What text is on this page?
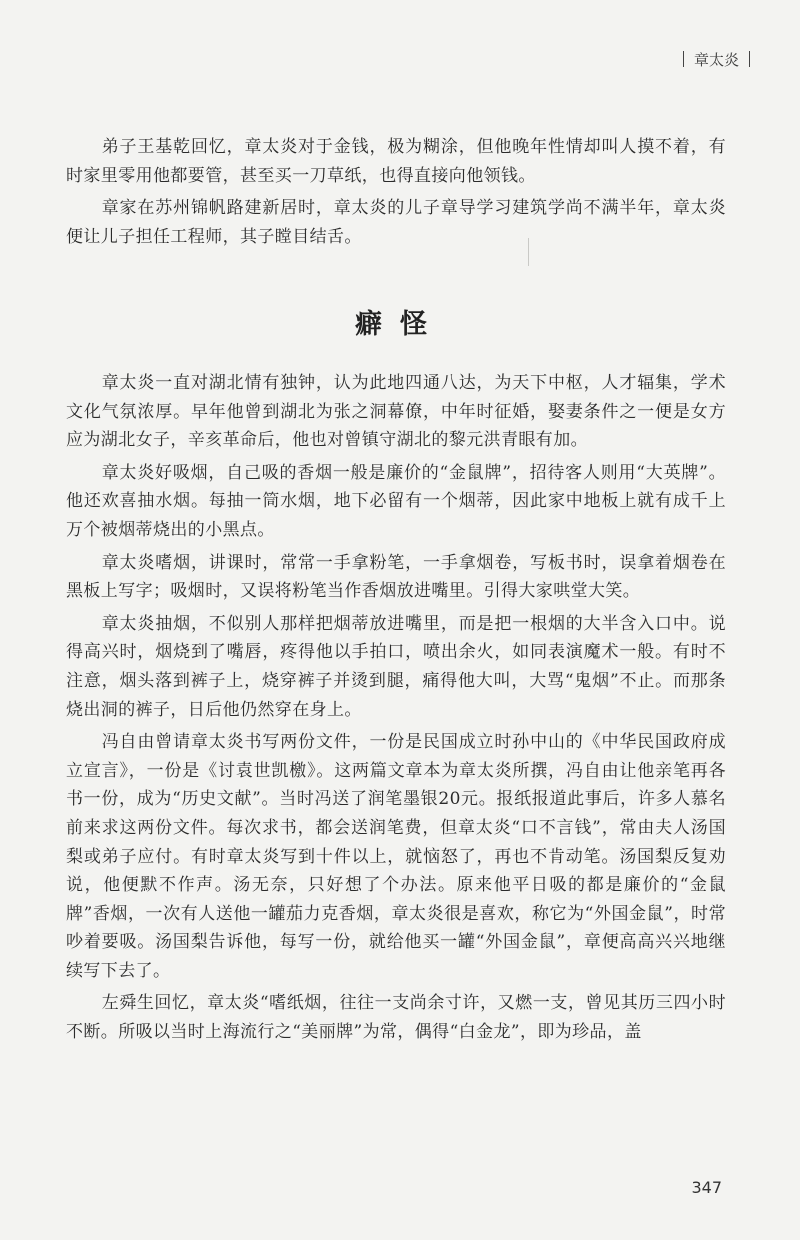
章太炎

弟子王基乾回忆，章太炎对于金钱，极为糊涂，但他晚年性情却叫人摸不着，有时家里零用他都要管，甚至买一刀草纸，也得直接向他领钱。

章家在苏州锦帆路建新居时，章太炎的儿子章导学习建筑学尚不满半年，章太炎便让儿子担任工程师，其子瞠目结舌。

癖怪

章太炎一直对湖北情有独钟，认为此地四通八达，为天下中枢，人才辐集，学术文化气氛浓厚。早年他曾到湖北为张之洞幕僚，中年时征婚，娶妻条件之一便是女方应为湖北女子，辛亥革命后，他也对曾镇守湖北的黎元洪青眼有加。

章太炎好吸烟，自己吸的香烟一般是廉价的“金鼠牌”，招待客人则用“大英牌”。他还欢喜抽水烟。每抽一筒水烟，地下必留有一个烟蒂，因此家中地板上就有成千上万个被烟蒂烧出的小黑点。

章太炎嗜烟，讲课时，常常一手拿粉笔，一手拿烟卷，写板书时，误拿着烟卷在黑板上写字；吸烟时，又误将粉笔当作香烟放进嘴里。引得大家哄堂大笑。

章太炎抽烟，不似别人那样把烟蒂放进嘴里，而是把一根烟的大半含入口中。说得高兴时，烟烧到了嘴唇，疼得他以手拍口，喷出余火，如同表演魔术一般。有时不注意，烟头落到裤子上，烧穿裤子并烫到腿，痛得他大叫，大骂“鬼烟”不止。而那条烧出洞的裤子，日后他仍然穿在身上。

冯自由曾请章太炎书写两份文件，一份是民国成立时孙中山的《中华民国政府成立宣言》，一份是《讨袁世凯檄》。这两篇文章本为章太炎所撰，冯自由让他亲笔再各书一份，成为“历史文献”。当时冯送了润笔墨银20元。报纸报道此事后，许多人慕名前来求这两份文件。每次求书，都会送润笔费，但章太炎“口不言钱”，常由夫人汤国梨或弟子应付。有时章太炎写到十件以上，就恼怒了，再也不肯动笔。汤国梨反复劝说，他便默不作声。汤无奈，只好想了个办法。原来他平日吸的都是廉价的“金鼠牌”香烟，一次有人送他一罐茄力克香烟，章太炎很是喜欢，称它为“外国金鼠”，时常吵着要吸。汤国梨告诉他，每写一份，就给他买一罐“外国金鼠”，章便高高兴兴地继续写下去了。

左舜生回忆，章太炎“嗜纸烟，往往一支尚余寸许，又燃一支，曾见其历三四小时不断。所吸以当时上海流行之“美丽牌”为常，偶得“白金龙”，即为珍品，盖

347
